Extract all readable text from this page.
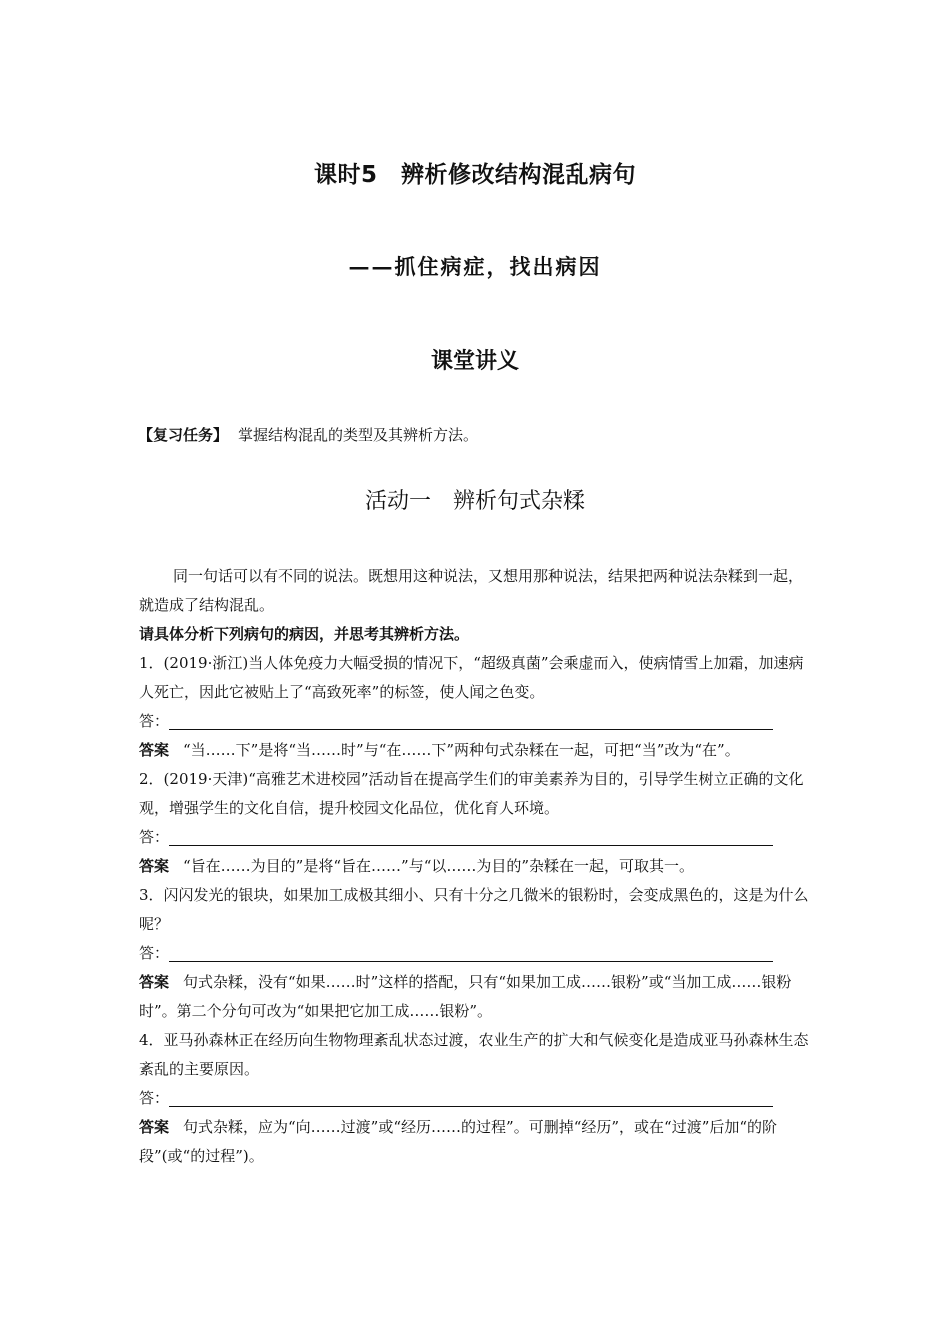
课时5　辨析修改结构混乱病句
——抓住病症，找出病因
课堂讲义
【复习任务】 掌握结构混乱的类型及其辨析方法。
活动一　辨析句式杂糅

同一句话可以有不同的说法。既想用这种说法，又想用那种说法，结果把两种说法杂糅到一起，就造成了结构混乱。

请具体分析下列病句的病因，并思考其辨析方法。

1．(2019·浙江)当人体免疫力大幅受损的情况下，“超级真菌”会乘虚而入，使病情雪上加霜，加速病人死亡，因此它被贴上了“高致死率”的标签，使人闻之色变。

答：

答案 “当……下”是将“当……时”与“在……下”两种句式杂糅在一起，可把“当”改为“在”。

2．(2019·天津)“高雅艺术进校园”活动旨在提高学生们的审美素养为目的，引导学生树立正确的文化观，增强学生的文化自信，提升校园文化品位，优化育人环境。

答：

答案 “旨在……为目的”是将“旨在……”与“以……为目的”杂糅在一起，可取其一。

3．闪闪发光的银块，如果加工成极其细小、只有十分之几微米的银粉时，会变成黑色的，这是为什么呢？

答：

答案 句式杂糅，没有“如果……时”这样的搭配，只有“如果加工成……银粉”或“当加工成……银粉时”。第二个分句可改为“如果把它加工成……银粉”。

4．亚马孙森林正在经历向生物物理紊乱状态过渡，农业生产的扩大和气候变化是造成亚马孙森林生态紊乱的主要原因。

答：

答案 句式杂糅，应为“向……过渡”或“经历……的过程”。可删掉“经历”，或在“过渡”后加“的阶段”(或“的过程”)。
